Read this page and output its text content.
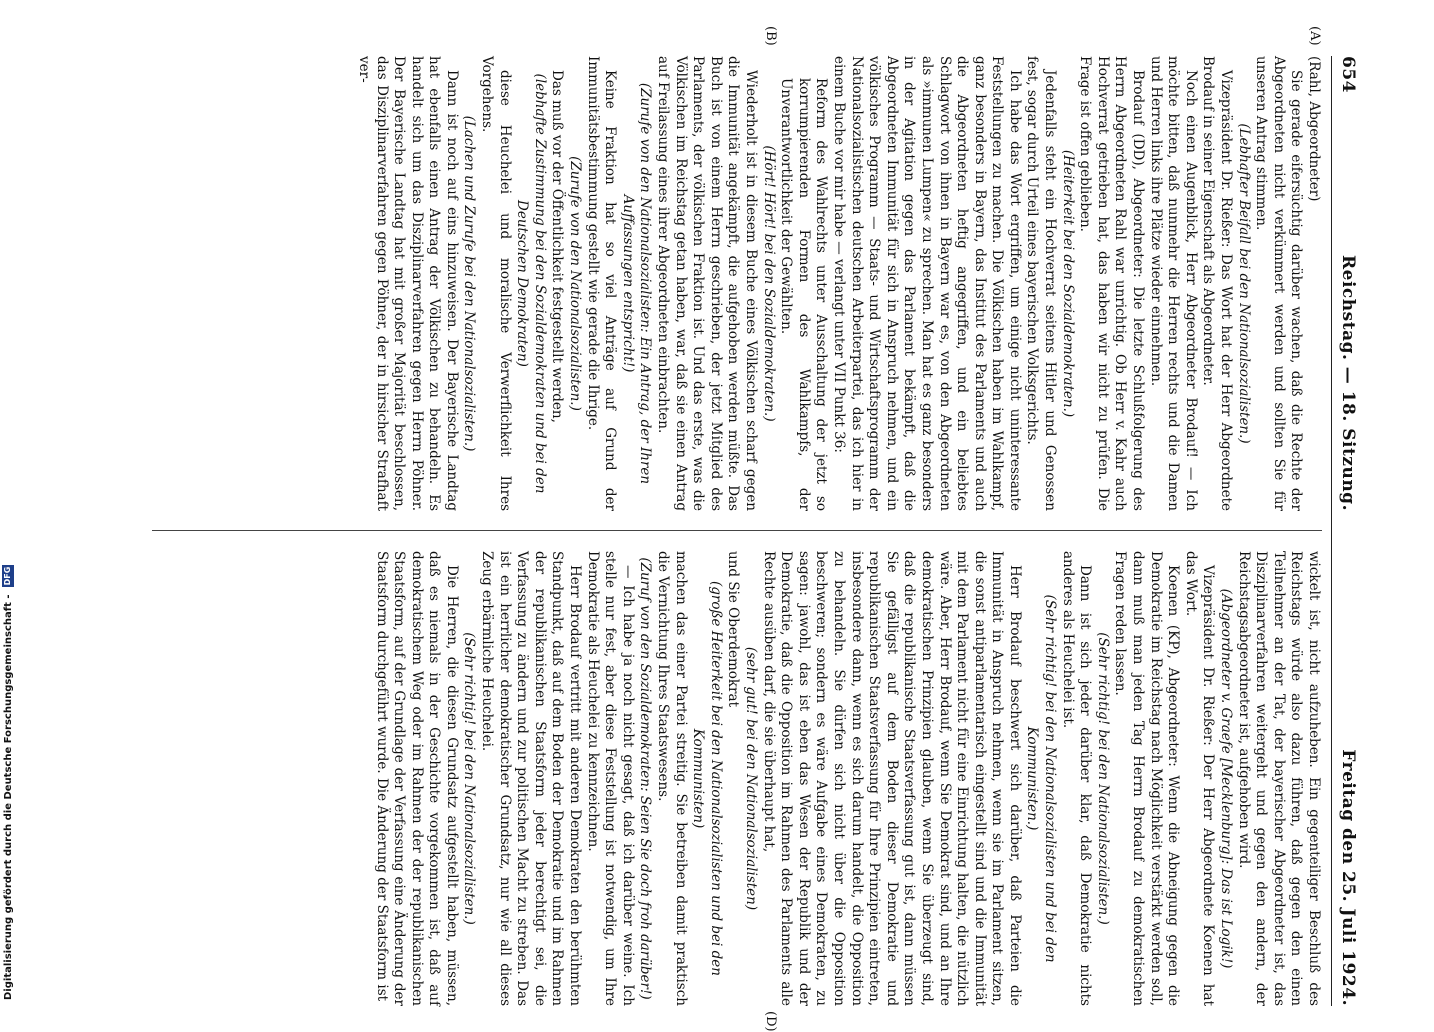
654
Reichstag. — 18. Sitzung.
Freitag den 25. Juli 1924.
(A)
(B)
(D)

(Rahl, Abgeordneter)

Sie gerade eifersüchtig darüber wachen, daß die Rechte der Abgeordneten nicht verkümmert werden und sollten Sie für unseren Antrag stimmen.

(Lebhafter Beifall bei den Nationalsozialisten.)

Vizepräsident Dr. Rießer: Das Wort hat der Herr Abgeordnete Brodauf in seiner Eigenschaft als Abgeordneter.

Noch einen Augenblick, Herr Abgeordneter Brodauf! — Ich möchte bitten, daß nunmehr die Herren rechts und die Damen und Herren links ihre Plätze wieder einnehmen.

Brodauf (DD), Abgeordneter: Die letzte Schlußfolgerung des Herrn Abgeordneten Rahl war unrichtig. Ob Herr v. Kahr auch Hochverrat getrieben hat, das haben wir nicht zu prüfen. Die Frage ist offen geblieben.

(Heiterkeit bei den Sozialdemokraten.)

Jedenfalls steht ein Hochverrat seitens Hitler und Genossen fest, sogar durch Urteil eines bayerischen Volksgerichts.

Ich habe das Wort ergriffen, um einige nicht uninteressante Feststellungen zu machen. Die Völkischen haben im Wahlkampf, ganz besonders in Bayern, das Institut des Parlaments und auch die Abgeordneten heftig angegriffen, und ein beliebtes Schlagwort von ihnen in Bayern war es, von den Abgeordneten als »immunen Lumpen« zu sprechen. Man hat es ganz besonders in der Agitation gegen das Parlament bekämpft, daß die Abgeordneten Immunität für sich in Anspruch nehmen, und ein völkisches Programm — Staats- und Wirtschaftsprogramm der Nationalsozialistischen deutschen Arbeiterpartei, das ich hier in einem Buche vor mir habe — verlangt unter VII Punkt 36:

Reform des Wahlrechts unter Ausschaltung der jetzt so korrumpierenden Formen des Wahlkampfs, der Unverantwortlichkeit der Gewählten.

(Hört! Hört! bei den Sozialdemokraten.)

Wiederholt ist in diesem Buche eines Völkischen scharf gegen die Immunität angekämpft, die aufgehoben werden müßte. Das Buch ist von einem Herrn geschrieben, der jetzt Mitglied des Parlaments, der völkischen Fraktion ist. Und das erste, was die Völkischen im Reichstag getan haben, war, daß sie einen Antrag auf Freilassung eines ihrer Abgeordneten einbrachten.

(Zurufe von den Nationalsozialisten: Ein Antrag, der Ihren Auffassungen entspricht!)

Keine Fraktion hat so viel Anträge auf Grund der Immunitätsbestimmung gestellt wie gerade die Ihrige.

(Zurufe von den Nationalsozialisten.)

Das muß vor der Öffentlichkeit festgestellt werden,

(lebhafte Zustimmung bei den Sozialdemokraten und bei den Deutschen Demokraten)

diese Heuchelei und moralische Verwerflichkeit Ihres Vorgehens.

(Lachen und Zurufe bei den Nationalsozialisten.)

Dann ist noch auf eins hinzuweisen. Der Bayerische Landtag hat ebenfalls einen Antrag der Völkischen zu behandeln. Es handelt sich um das Disziplinarverfahren gegen Herrn Pöhner. Der Bayerische Landtag hat mit großer Majorität beschlossen, das Disziplinarverfahren gegen Pöhner, der in hirsicher Strafhaft ver-

wickelt ist, nicht aufzuheben. Ein gegenteiliger Beschluß des Reichstags würde also dazu führen, daß gegen den einen Teilnehmer an der Tat, der bayerischer Abgeordneter ist, das Disziplinarverfahren weitergeht und gegen den andern, der Reichstagsabgeordneter ist, aufgehoben wird.

(Abgeordneter v. Graefe [Mecklenburg]: Das ist Logik!)

Vizepräsident Dr. Rießer: Der Herr Abgeordnete Koenen hat das Wort.

Koenen (KP), Abgeordneter: Wenn die Abneigung gegen die Demokratie im Reichstag nach Möglichkeit verstärkt werden soll, dann muß man jeden Tag Herrn Brodauf zu demokratischen Fragen reden lassen.

(Sehr richtig! bei den Nationalsozialisten.)

Dann ist sich jeder darüber klar, daß Demokratie nichts anderes als Heuchelei ist.

(Sehr richtig! bei den Nationalsozialisten und bei den Kommunisten.)

Herr Brodauf beschwert sich darüber, daß Parteien die Immunität in Anspruch nehmen, wenn sie im Parlament sitzen, die sonst antiparlamentarisch eingestellt sind und die Immunität mit dem Parlament nicht für eine Einrichtung halten, die nützlich wäre. Aber, Herr Brodauf, wenn Sie Demokrat sind, und an Ihre demokratischen Prinzipien glauben, wenn Sie überzeugt sind, daß die republikanische Staatsverfassung gut ist, dann müssen Sie gefälligst auf dem Boden dieser Demokratie und republikanischen Staatsverfassung für Ihre Prinzipien eintreten, insbesondere dann, wenn es sich darum handelt, die Opposition zu behandeln. Sie dürfen sich nicht über die Opposition beschweren; sondern es wäre Aufgabe eines Demokraten, zu sagen: jawohl, das ist eben das Wesen der Republik und der Demokratie, daß die Opposition im Rahmen des Parlaments alle Rechte ausüben darf, die sie überhaupt hat,

(sehr gut! bei den Nationalsozialisten)

und Sie Oberdemokrat

(große Heiterkeit bei den Nationalsozialisten und bei den Kommunisten)

machen das einer Partei streitig. Sie betreiben damit praktisch die Vernichtung Ihres Staatswesens.

(Zuruf von den Sozialdemokraten: Seien Sie doch froh darüber!)

— Ich habe ja noch nicht gesagt, daß ich darüber weine. Ich stelle nur fest, aber diese Feststellung ist notwendig, um Ihre Demokratie als Heuchelei zu kennzeichnen.

Herr Brodauf vertritt mit anderen Demokraten den berühmten Standpunkt, daß auf dem Boden der Demokratie und im Rahmen der republikanischen Staatsform jeder berechtigt sei, die Verfassung zu ändern und zur politischen Macht zu streben. Das ist ein herrlicher demokratischer Grundsatz, nur wie all dieses Zeug erbärmliche Heuchelei.

(Sehr richtig! bei den Nationalsozialisten.)

Die Herren, die diesen Grundsatz aufgestellt haben, müssen, daß es niemals in der Geschichte vorgekommen ist, daß auf demokratischem Weg oder im Rahmen der der republikanischen Staatsform, auf der Grundlage der Verfassung eine Änderung der Staatsform durchgeführt wurde. Die Änderung der Staatsform ist

Digitalisierung gefördert durch die Deutsche Forschungsgemeinschaft - DFG
